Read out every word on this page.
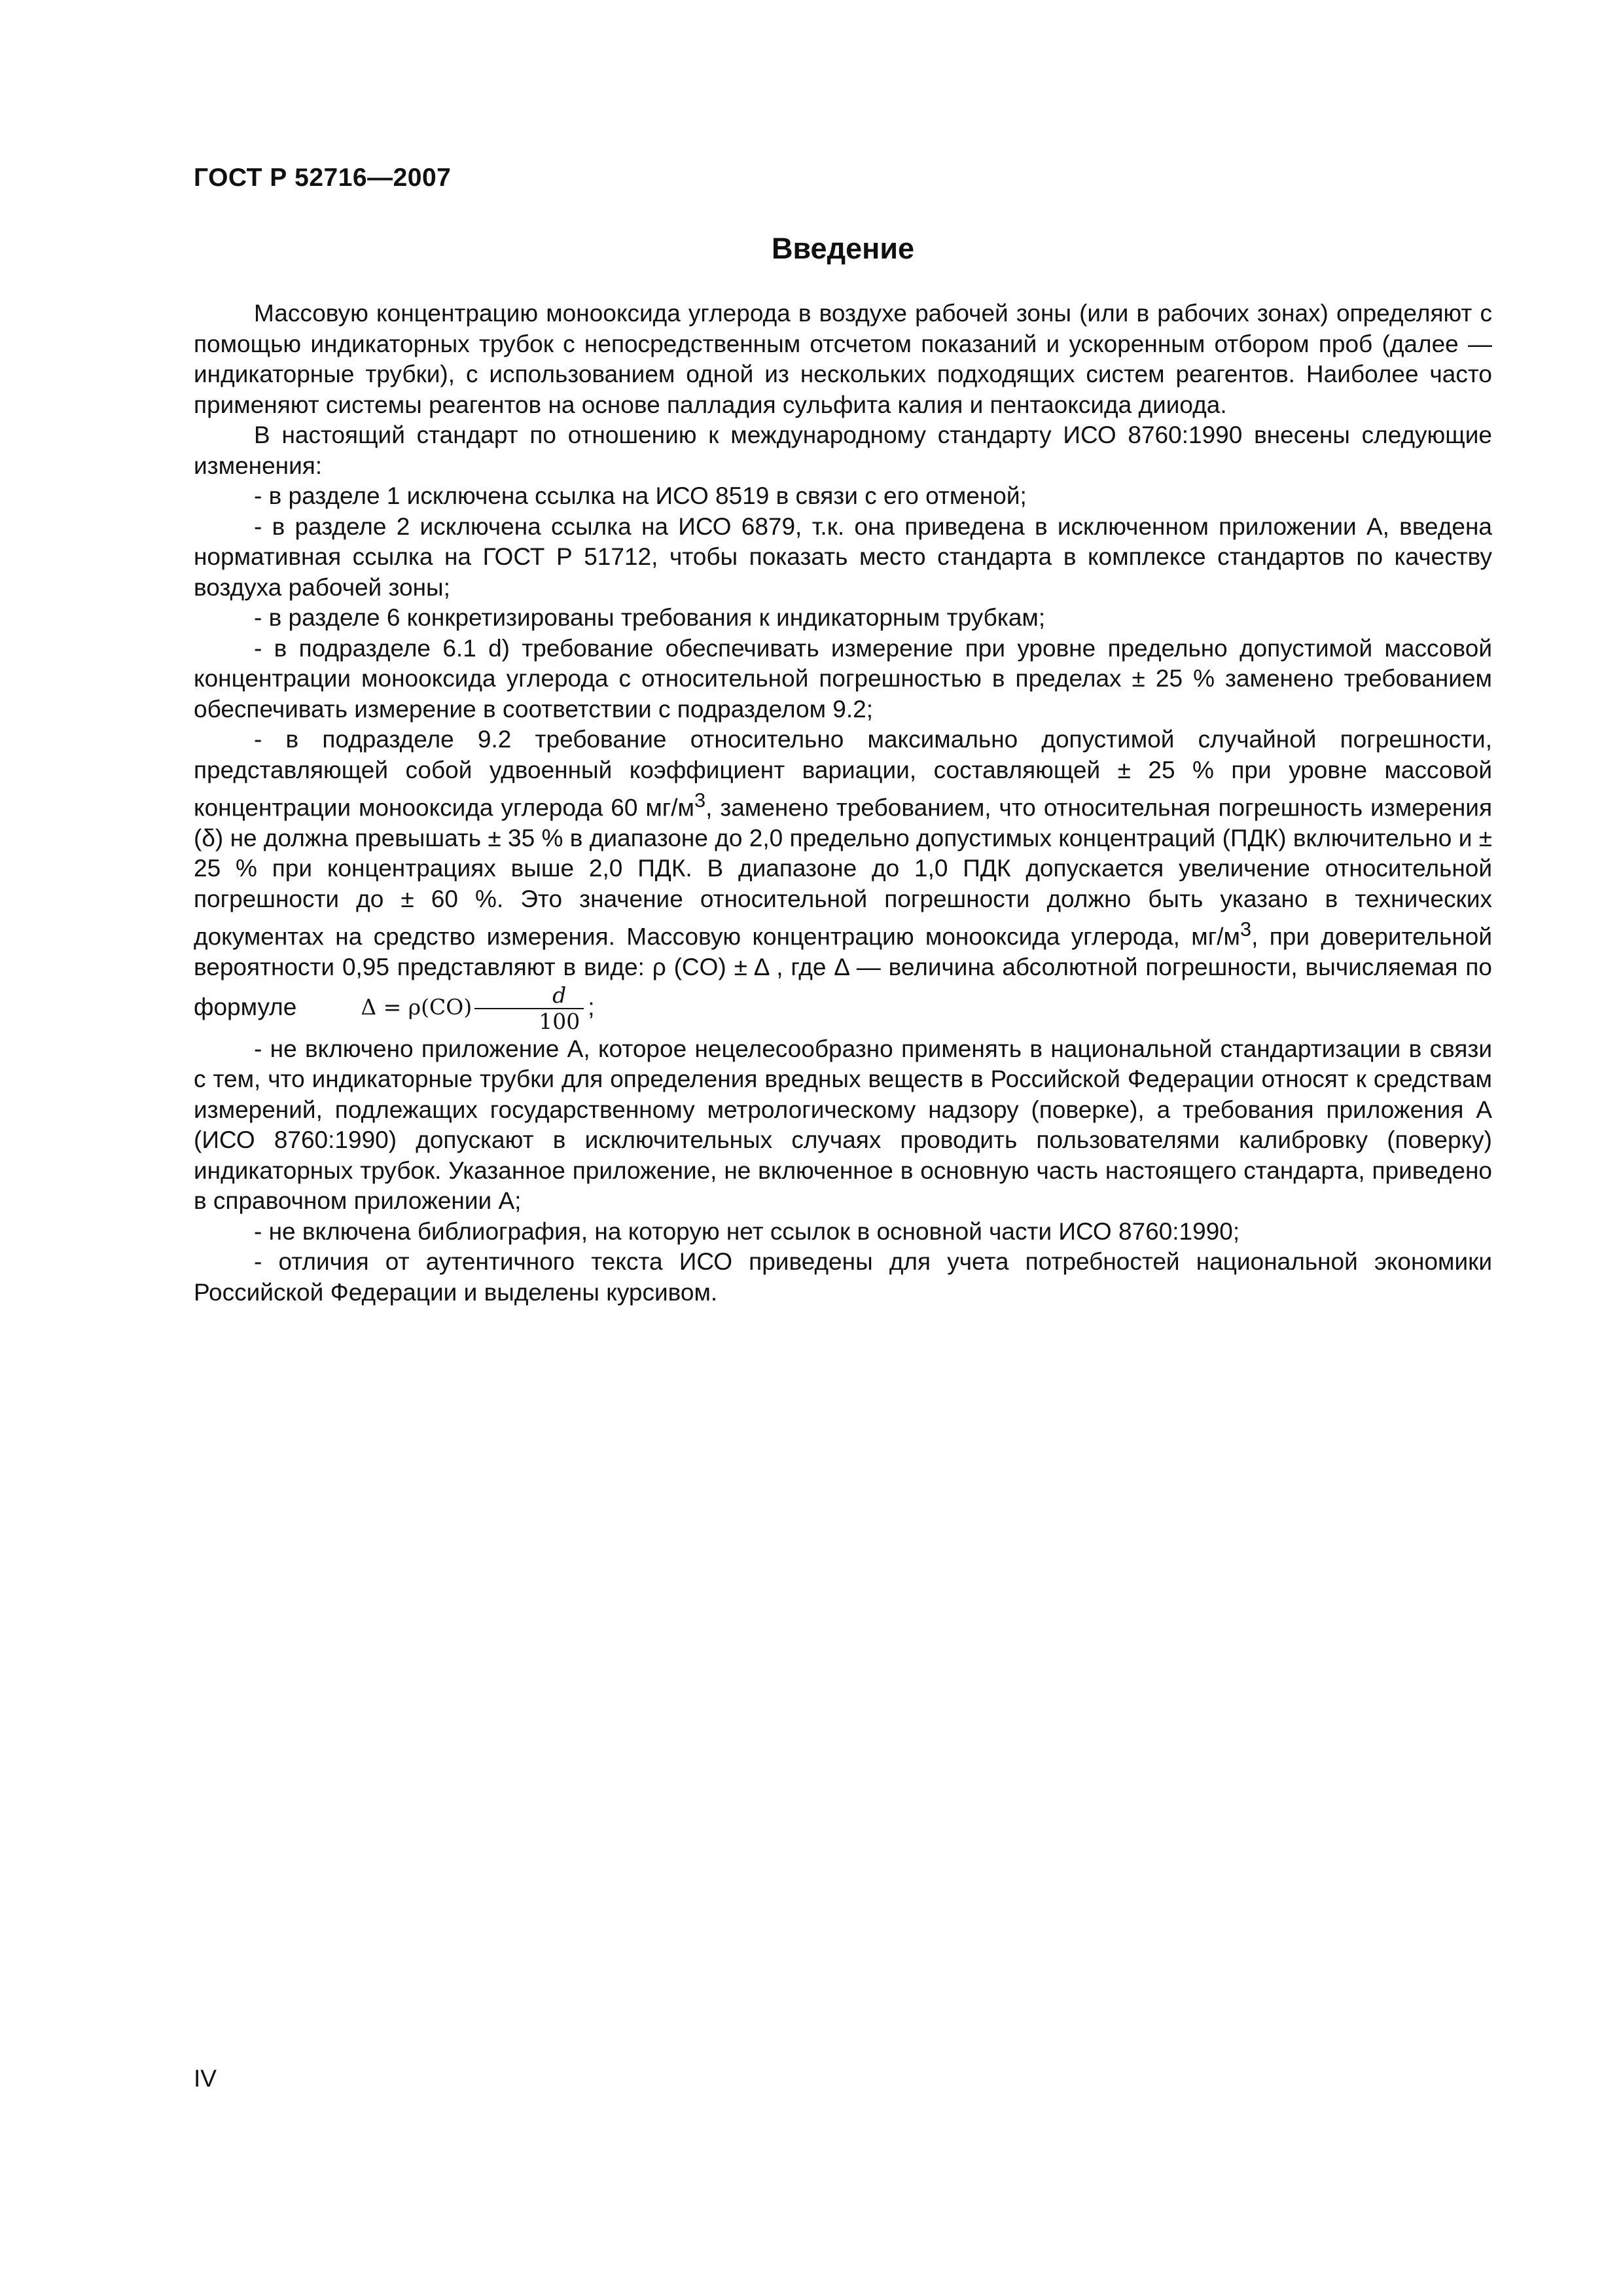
ГОСТ Р 52716—2007
Введение

Массовую концентрацию монооксида углерода в воздухе рабочей зоны (или в рабочих зонах) определяют с помощью индикаторных трубок с непосредственным отсчетом показаний и ускоренным отбором проб (далее — индикаторные трубки), с использованием одной из нескольких подходящих систем реагентов. Наиболее часто применяют системы реагентов на основе палладия сульфита калия и пентаоксида дииода.

В настоящий стандарт по отношению к международному стандарту ИСО 8760:1990 внесены следующие изменения:

- в разделе 1 исключена ссылка на ИСО 8519 в связи с его отменой;

- в разделе 2 исключена ссылка на ИСО 6879, т.к. она приведена в исключенном приложении А, введена нормативная ссылка на ГОСТ Р 51712, чтобы показать место стандарта в комплексе стандартов по качеству воздуха рабочей зоны;

- в разделе 6 конкретизированы требования к индикаторным трубкам;

- в подразделе 6.1 d) требование обеспечивать измерение при уровне предельно допустимой массовой концентрации монооксида углерода с относительной погрешностью в пределах ± 25 % заменено требованием обеспечивать измерение в соответствии с подразделом 9.2;

- в подразделе 9.2 требование относительно максимально допустимой случайной погрешности, представляющей собой удвоенный коэффициент вариации, составляющей ± 25 % при уровне массовой концентрации монооксида углерода 60 $мг/м^3$, заменено требованием, что относительная погрешность измерения (δ) не должна превышать ± 35 % в диапазоне до 2,0 предельно допустимых концентраций (ПДК) включительно и ± 25 % при концентрациях выше 2,0 ПДК. В диапазоне до 1,0 ПДК допускается увеличение относительной погрешности до ± 60 %. Это значение относительной погрешности должно быть указано в технических документах на средство измерения. Массовую концентрацию монооксида углерода, $мг/м^3$, при доверительной вероятности 0,95 представляют в виде: ρ (CO) ± Δ , где Δ — величина абсолютной погрешности, вычисляемая по формуле	$\Delta = \rho(CO) \frac{d}{100}$ ;

- не включено приложение А, которое нецелесообразно применять в национальной стандартизации в связи с тем, что индикаторные трубки для определения вредных веществ в Российской Федерации относят к средствам измерений, подлежащих государственному метрологическому надзору (поверке), а требования приложения А (ИСО 8760:1990) допускают в исключительных случаях проводить пользователями калибровку (поверку) индикаторных трубок. Указанное приложение, не включенное в основную часть настоящего стандарта, приведено в справочном приложении А;

- не включена библиография, на которую нет ссылок в основной части ИСО 8760:1990;

- отличия от аутентичного текста ИСО приведены для учета потребностей национальной экономики Российской Федерации и выделены курсивом.

IV
